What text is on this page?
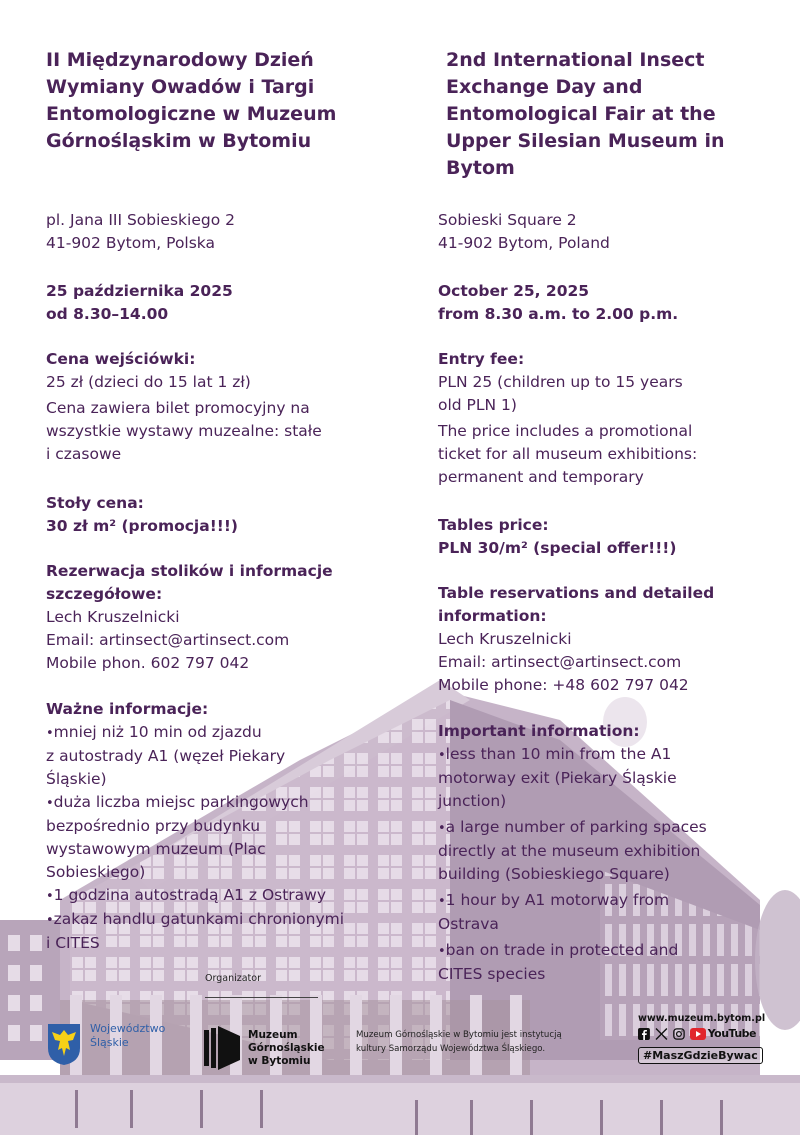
II Międzynarodowy Dzień
Wymiany Owadów i Targi
Entomologiczne w Muzeum
Górnośląskim w Bytomiu
pl. Jana III Sobieskiego 2
41-902 Bytom, Polska
25 października 2025
od 8.30–14.00
Cena wejściówki:
25 zł (dzieci do 15 lat 1 zł)
Cena zawiera bilet promocyjny na
wszystkie wystawy muzealne: stałe
i czasowe
Stoły cena:
30 zł m² (promocja!!!)
Rezerwacja stolików i informacje
szczegółowe:
Lech Kruszelnicki
Email: artinsect@artinsect.com
Mobile phon. 602 797 042
Ważne informacje:
• mniej niż 10 min od zjazdu
z autostrady A1 (węzeł Piekary
Śląskie)
• duża liczba miejsc parkingowych
bezpośrednio przy budynku
wystawowym muzeum (Plac
Sobieskiego)
• 1 godzina autostradą A1 z Ostrawy
• zakaz handlu gatunkami chronionymi
i CITES
2nd International Insect
Exchange Day and
Entomological Fair at the
Upper Silesian Museum in
Bytom
Sobieski Square 2
41-902 Bytom, Poland
October 25, 2025
from 8.30 a.m. to 2.00 p.m.
Entry fee:
PLN 25 (children up to 15 years
old PLN 1)
The price includes a promotional
ticket for all museum exhibitions:
permanent and temporary
Tables price:
PLN 30/m² (special offer!!!)
Table reservations and detailed
information:
Lech Kruszelnicki
Email: artinsect@artinsect.com
Mobile phone: +48 602 797 042
Important information:
• less than 10 min from the A1
motorway exit (Piekary Śląskie
junction)
• a large number of parking spaces
directly at the museum exhibition
building (Sobieskiego Square)
• 1 hour by A1 motorway from
Ostrava
• ban on trade in protected and
CITES species
Organizator
Województwo
Śląskie
Muzeum
Górnośląskie
w Bytomiu
Muzeum Górnośląskie w Bytomiu jest instytucją
kultury Samorządu Województwa Śląskiego.
www.muzeum.bytom.pl
YouTube
#MaszGdzieBywac
